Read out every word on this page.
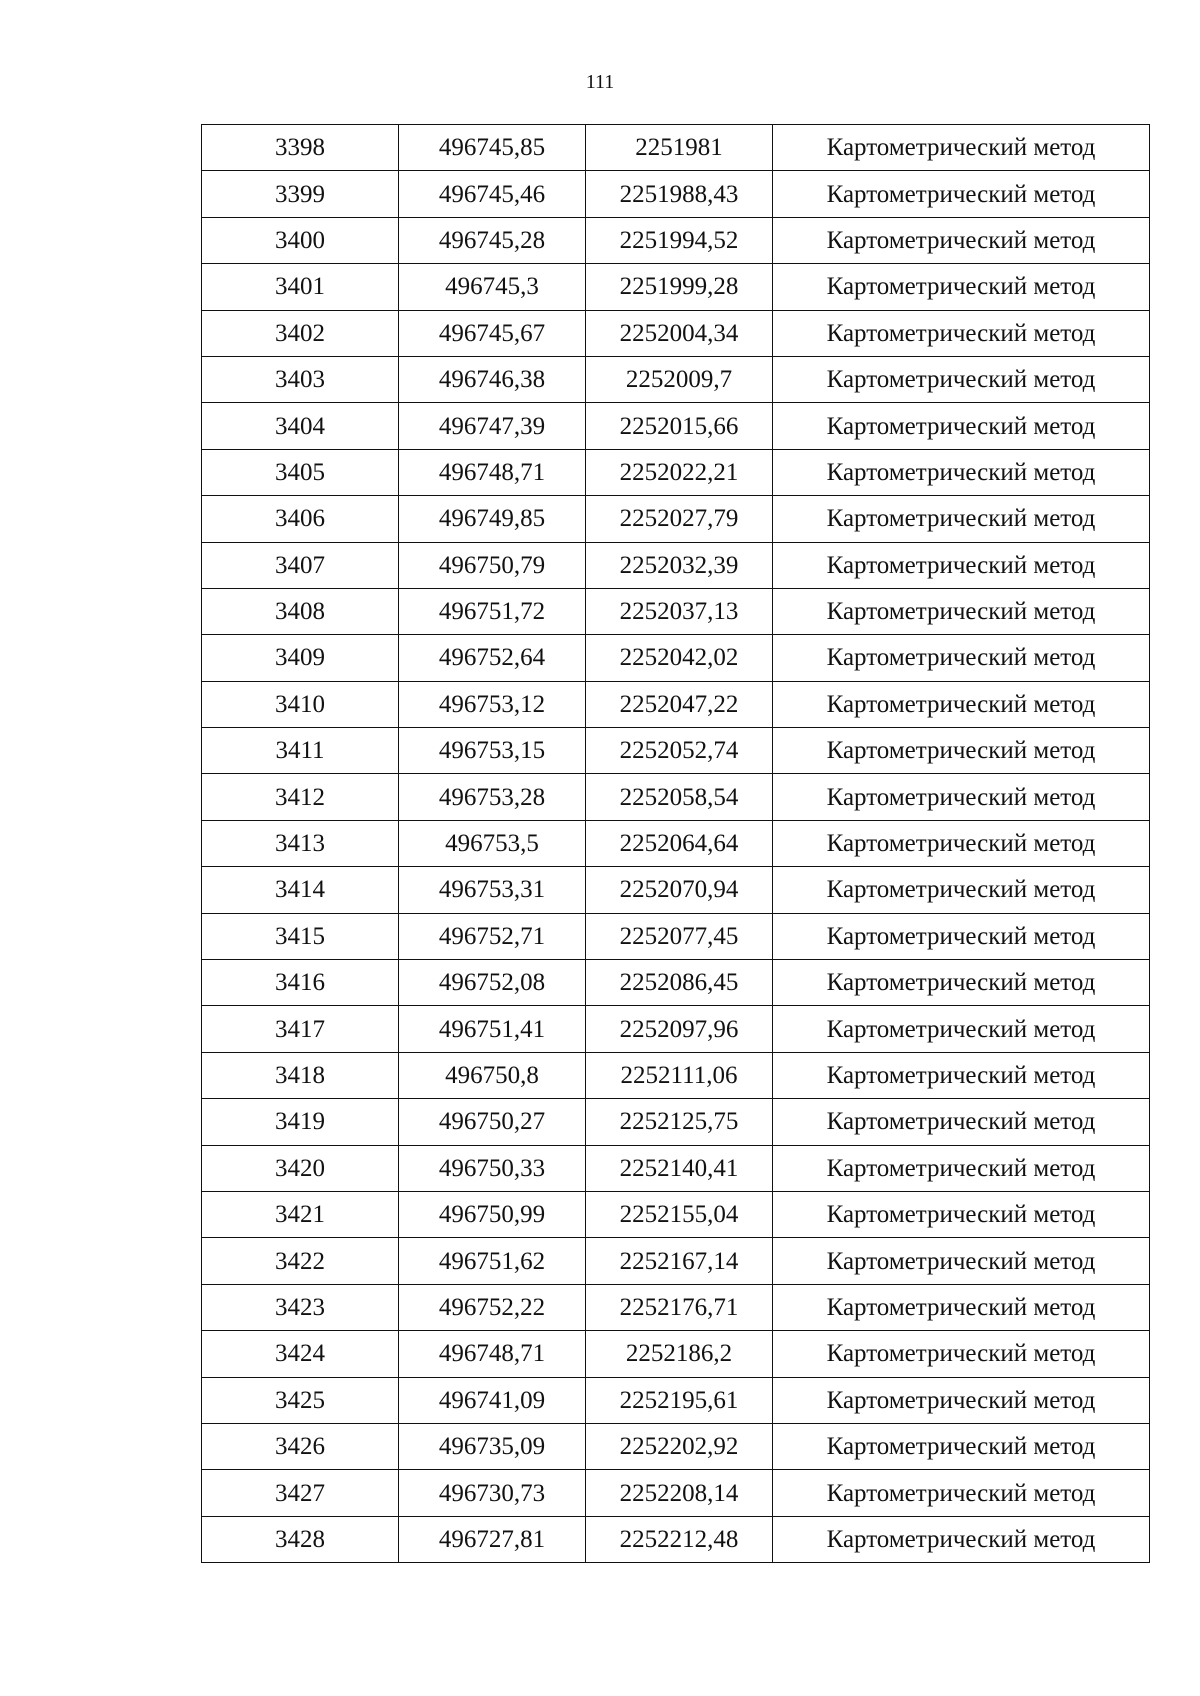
111
3398	496745,85	2251981	Картометрический метод
3399	496745,46	2251988,43	Картометрический метод
3400	496745,28	2251994,52	Картометрический метод
3401	496745,3	2251999,28	Картометрический метод
3402	496745,67	2252004,34	Картометрический метод
3403	496746,38	2252009,7	Картометрический метод
3404	496747,39	2252015,66	Картометрический метод
3405	496748,71	2252022,21	Картометрический метод
3406	496749,85	2252027,79	Картометрический метод
3407	496750,79	2252032,39	Картометрический метод
3408	496751,72	2252037,13	Картометрический метод
3409	496752,64	2252042,02	Картометрический метод
3410	496753,12	2252047,22	Картометрический метод
3411	496753,15	2252052,74	Картометрический метод
3412	496753,28	2252058,54	Картометрический метод
3413	496753,5	2252064,64	Картометрический метод
3414	496753,31	2252070,94	Картометрический метод
3415	496752,71	2252077,45	Картометрический метод
3416	496752,08	2252086,45	Картометрический метод
3417	496751,41	2252097,96	Картометрический метод
3418	496750,8	2252111,06	Картометрический метод
3419	496750,27	2252125,75	Картометрический метод
3420	496750,33	2252140,41	Картометрический метод
3421	496750,99	2252155,04	Картометрический метод
3422	496751,62	2252167,14	Картометрический метод
3423	496752,22	2252176,71	Картометрический метод
3424	496748,71	2252186,2	Картометрический метод
3425	496741,09	2252195,61	Картометрический метод
3426	496735,09	2252202,92	Картометрический метод
3427	496730,73	2252208,14	Картометрический метод
3428	496727,81	2252212,48	Картометрический метод
